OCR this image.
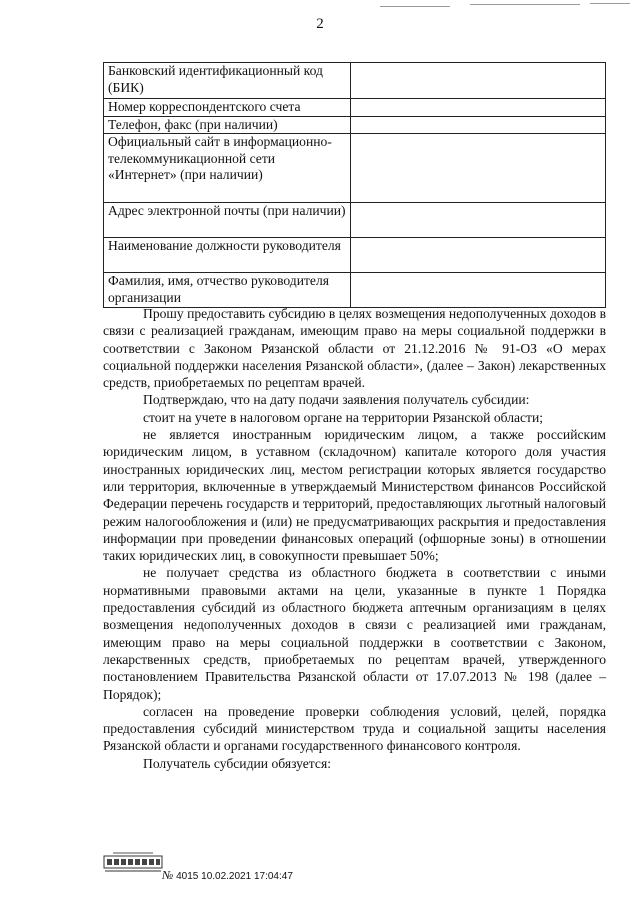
2
Банковский идентификационный код (БИК)	
Номер корреспондентского счета	
Телефон, факс (при наличии)	
Официальный сайт в информационно-телекоммуникационной сети «Интернет» (при наличии)	
Адрес электронной почты (при наличии)	
Наименование должности руководителя	
Фамилия, имя, отчество руководителя организации	

Прошу предоставить субсидию в целях возмещения недополученных доходов в связи с реализацией гражданам, имеющим право на меры социальной поддержки в соответствии с Законом Рязанской области от 21.12.2016 № 91-ОЗ «О мерах социальной поддержки населения Рязанской области», (далее – Закон) лекарственных средств, приобретаемых по рецептам врачей.

Подтверждаю, что на дату подачи заявления получатель субсидии:

стоит на учете в налоговом органе на территории Рязанской области;

не является иностранным юридическим лицом, а также российским юридическим лицом, в уставном (складочном) капитале которого доля участия иностранных юридических лиц, местом регистрации которых является государство или территория, включенные в утверждаемый Министерством финансов Российской Федерации перечень государств и территорий, предоставляющих льготный налоговый режим налогообложения и (или) не предусматривающих раскрытия и предоставления информации при проведении финансовых операций (офшорные зоны) в отношении таких юридических лиц, в совокупности превышает 50%;

не получает средства из областного бюджета в соответствии с иными нормативными правовыми актами на цели, указанные в пункте 1 Порядка предоставления субсидий из областного бюджета аптечным организациям в целях возмещения недополученных доходов в связи с реализацией ими гражданам, имеющим право на меры социальной поддержки в соответствии с Законом, лекарственных средств, приобретаемых по рецептам врачей, утвержденного постановлением Правительства Рязанской области от 17.07.2013 № 198 (далее – Порядок);

согласен на проведение проверки соблюдения условий, целей, порядка предоставления субсидий министерством труда и социальной защиты населения Рязанской области и органами государственного финансового контроля.

Получатель субсидии обязуется:

№ 4015 10.02.2021 17:04:47
